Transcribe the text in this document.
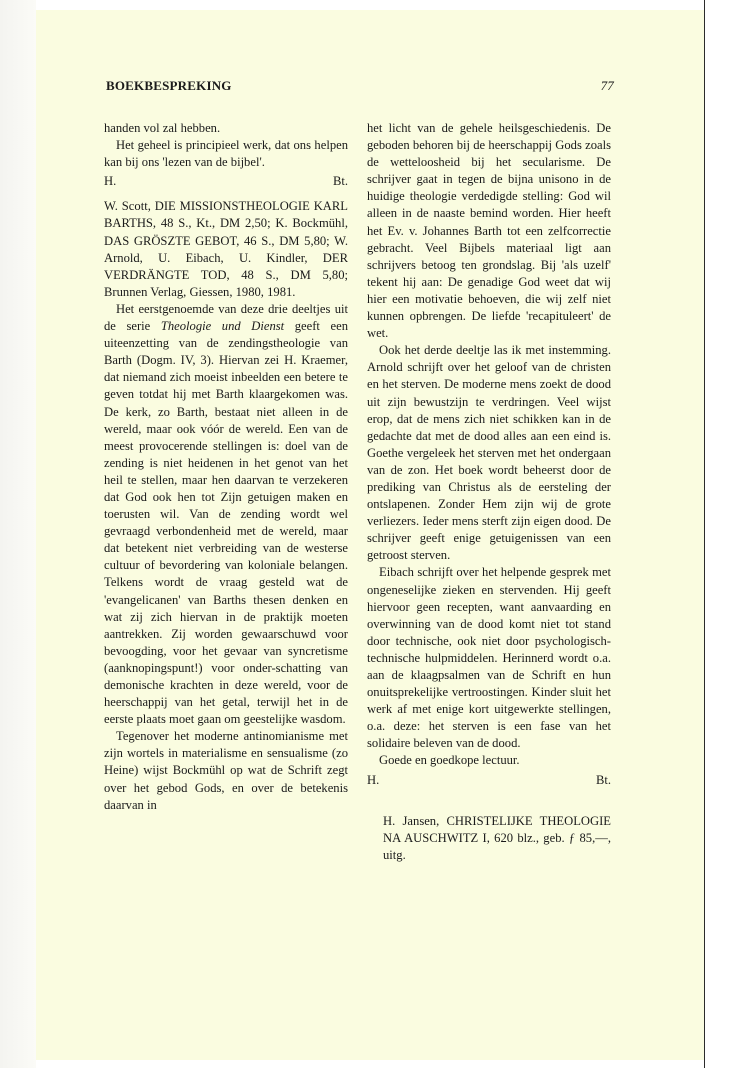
BOEKBESPREKING	77

handen vol zal hebben.

Het geheel is principieel werk, dat ons helpen kan bij ons 'lezen van de bijbel'.

H.	Bt.

W. Scott, DIE MISSIONSTHEOLOGIE KARL BARTHS, 48 S., Kt., DM 2,50; K. Bockmühl, DAS GRÖSZTE GEBOT, 46 S., DM 5,80; W. Arnold, U. Eibach, U. Kindler, DER VERDRÄNGTE TOD, 48 S., DM 5,80; Brunnen Verlag, Giessen, 1980, 1981.

Het eerstgenoemde van deze drie deeltjes uit de serie Theologie und Dienst geeft een uiteenzetting van de zendingstheologie van Barth (Dogm. IV, 3). Hiervan zei H. Kraemer, dat niemand zich moeist inbeelden een betere te geven totdat hij met Barth klaargekomen was. De kerk, zo Barth, bestaat niet alleen in de wereld, maar ook vóór de wereld. Een van de meest provocerende stellingen is: doel van de zending is niet heidenen in het genot van het heil te stellen, maar hen daarvan te verzekeren dat God ook hen tot Zijn getuigen maken en toerusten wil. Van de zending wordt wel gevraagd verbondenheid met de wereld, maar dat betekent niet verbreiding van de westerse cultuur of bevordering van koloniale belangen. Telkens wordt de vraag gesteld wat de 'evangelicanen' van Barths thesen denken en wat zij zich hiervan in de praktijk moeten aantrekken. Zij worden gewaarschuwd voor bevoogding, voor het gevaar van syncretisme (aanknopingspunt!) voor onder-schatting van demonische krachten in deze wereld, voor de heerschappij van het getal, terwijl het in de eerste plaats moet gaan om geestelijke wasdom.

Tegenover het moderne antinomianisme met zijn wortels in materialisme en sensualisme (zo Heine) wijst Bockmühl op wat de Schrift zegt over het gebod Gods, en over de betekenis daarvan in

het licht van de gehele heilsgeschiedenis. De geboden behoren bij de heerschappij Gods zoals de wetteloosheid bij het secularisme. De schrijver gaat in tegen de bijna unisono in de huidige theologie verdedigde stelling: God wil alleen in de naaste bemind worden. Hier heeft het Ev. v. Johannes Barth tot een zelfcorrectie gebracht. Veel Bijbels materiaal ligt aan schrijvers betoog ten grondslag. Bij 'als uzelf' tekent hij aan: De genadige God weet dat wij hier een motivatie behoeven, die wij zelf niet kunnen opbrengen. De liefde 'recapituleert' de wet.

Ook het derde deeltje las ik met instemming. Arnold schrijft over het geloof van de christen en het sterven. De moderne mens zoekt de dood uit zijn bewustzijn te verdringen. Veel wijst erop, dat de mens zich niet schikken kan in de gedachte dat met de dood alles aan een eind is. Goethe vergeleek het sterven met het ondergaan van de zon. Het boek wordt beheerst door de prediking van Christus als de eersteling der ontslapenen. Zonder Hem zijn wij de grote verliezers. Ieder mens sterft zijn eigen dood. De schrijver geeft enige getuigenissen van een getroost sterven.

Eibach schrijft over het helpende gesprek met ongeneselijke zieken en stervenden. Hij geeft hiervoor geen recepten, want aanvaarding en overwinning van de dood komt niet tot stand door technische, ook niet door psychologisch-technische hulpmiddelen. Herinnerd wordt o.a. aan de klaagpsalmen van de Schrift en hun onuitsprekelijke vertroostingen. Kinder sluit het werk af met enige kort uitgewerkte stellingen, o.a. deze: het sterven is een fase van het solidaire beleven van de dood.

Goede en goedkope lectuur.

H.	Bt.

H. Jansen, CHRISTELIJKE THEOLOGIE NA AUSCHWITZ I, 620 blz., geb. ƒ 85,—, uitg.
